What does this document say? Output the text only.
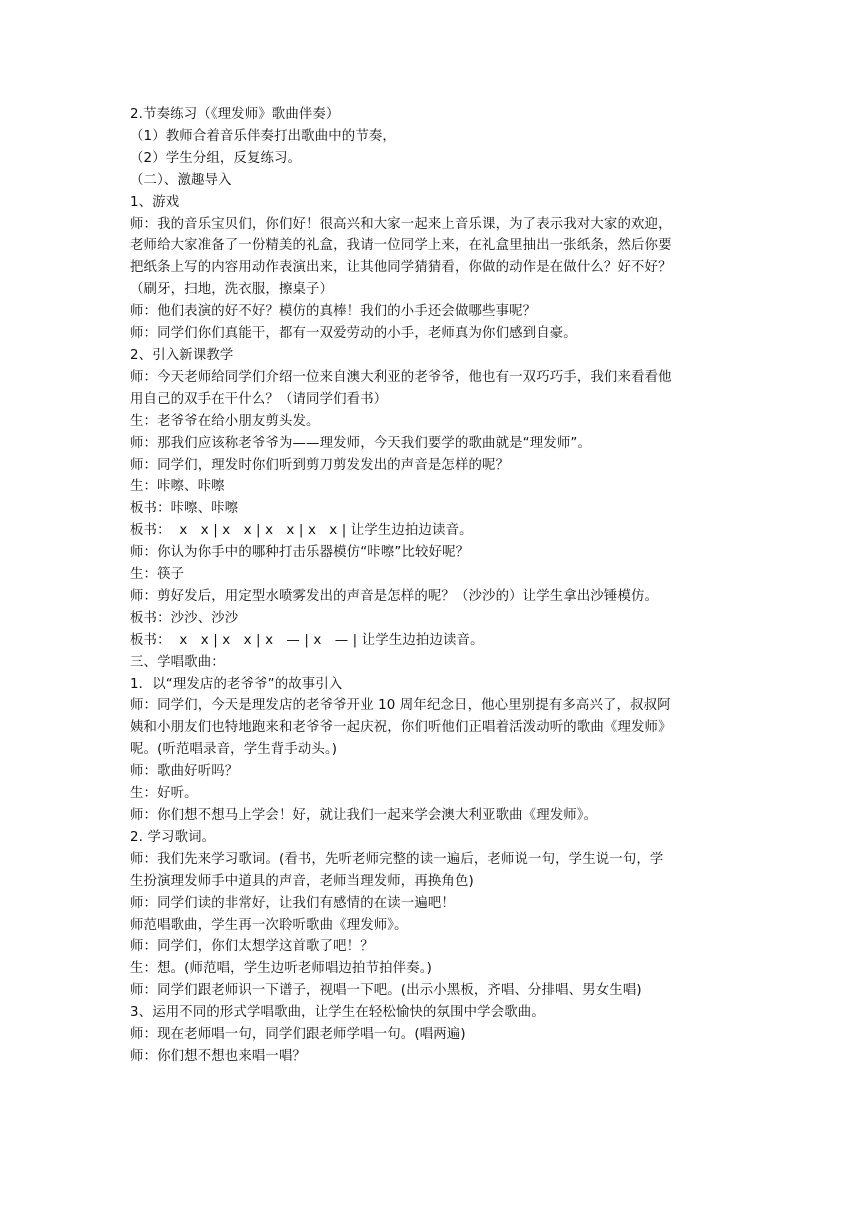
2.节奏练习（《理发师》歌曲伴奏）
（1）教师合着音乐伴奏打出歌曲中的节奏，
（2）学生分组，反复练习。
（二）、激趣导入
1、游戏
师：我的音乐宝贝们，你们好！很高兴和大家一起来上音乐课，为了表示我对大家的欢迎，
老师给大家准备了一份精美的礼盒，我请一位同学上来，在礼盒里抽出一张纸条，然后你要
把纸条上写的内容用动作表演出来，让其他同学猜猜看，你做的动作是在做什么？好不好？
（刷牙，扫地，洗衣服，擦桌子）
师：他们表演的好不好？模仿的真棒！我们的小手还会做哪些事呢？
师：同学们你们真能干，都有一双爱劳动的小手，老师真为你们感到自豪。
2、引入新课教学
师：今天老师给同学们介绍一位来自澳大利亚的老爷爷，他也有一双巧巧手，我们来看看他
用自己的双手在干什么？（请同学们看书）
生：老爷爷在给小朋友剪头发。
师：那我们应该称老爷爷为——理发师，今天我们要学的歌曲就是“理发师”。
师：同学们，理发时你们听到剪刀剪发发出的声音是怎样的呢？
生：咔嚓、咔嚓
板书：咔嚓、咔嚓
板书：  x   x | x   x | x   x | x   x | 让学生边拍边读音。
师：你认为你手中的哪种打击乐器模仿“咔嚓”比较好呢？
生：筷子
师：剪好发后，用定型水喷雾发出的声音是怎样的呢？（沙沙的）让学生拿出沙锤模仿。
板书：沙沙、沙沙
板书：  x   x | x   x | x   — | x   — | 让学生边拍边读音。
三、学唱歌曲：
1．以“理发店的老爷爷”的故事引入
师：同学们，今天是理发店的老爷爷开业 10 周年纪念日，他心里别提有多高兴了，叔叔阿
姨和小朋友们也特地跑来和老爷爷一起庆祝，你们听他们正唱着活泼动听的歌曲《理发师》
呢。(听范唱录音，学生背手动头。)
师：歌曲好听吗？
生：好听。
师：你们想不想马上学会！好，就让我们一起来学会澳大利亚歌曲《理发师》。
2. 学习歌词。
师：我们先来学习歌词。(看书，先听老师完整的读一遍后，老师说一句，学生说一句，学
生扮演理发师手中道具的声音，老师当理发师，再换角色)
师：同学们读的非常好，让我们有感情的在读一遍吧！
师范唱歌曲，学生再一次聆听歌曲《理发师》。
师：同学们，你们太想学这首歌了吧！？
生：想。(师范唱，学生边听老师唱边拍节拍伴奏。)
师：同学们跟老师识一下谱子，视唱一下吧。(出示小黑板，齐唱、分排唱、男女生唱)
3、运用不同的形式学唱歌曲，让学生在轻松愉快的氛围中学会歌曲。
师：现在老师唱一句，同学们跟老师学唱一句。(唱两遍)
师：你们想不想也来唱一唱？
